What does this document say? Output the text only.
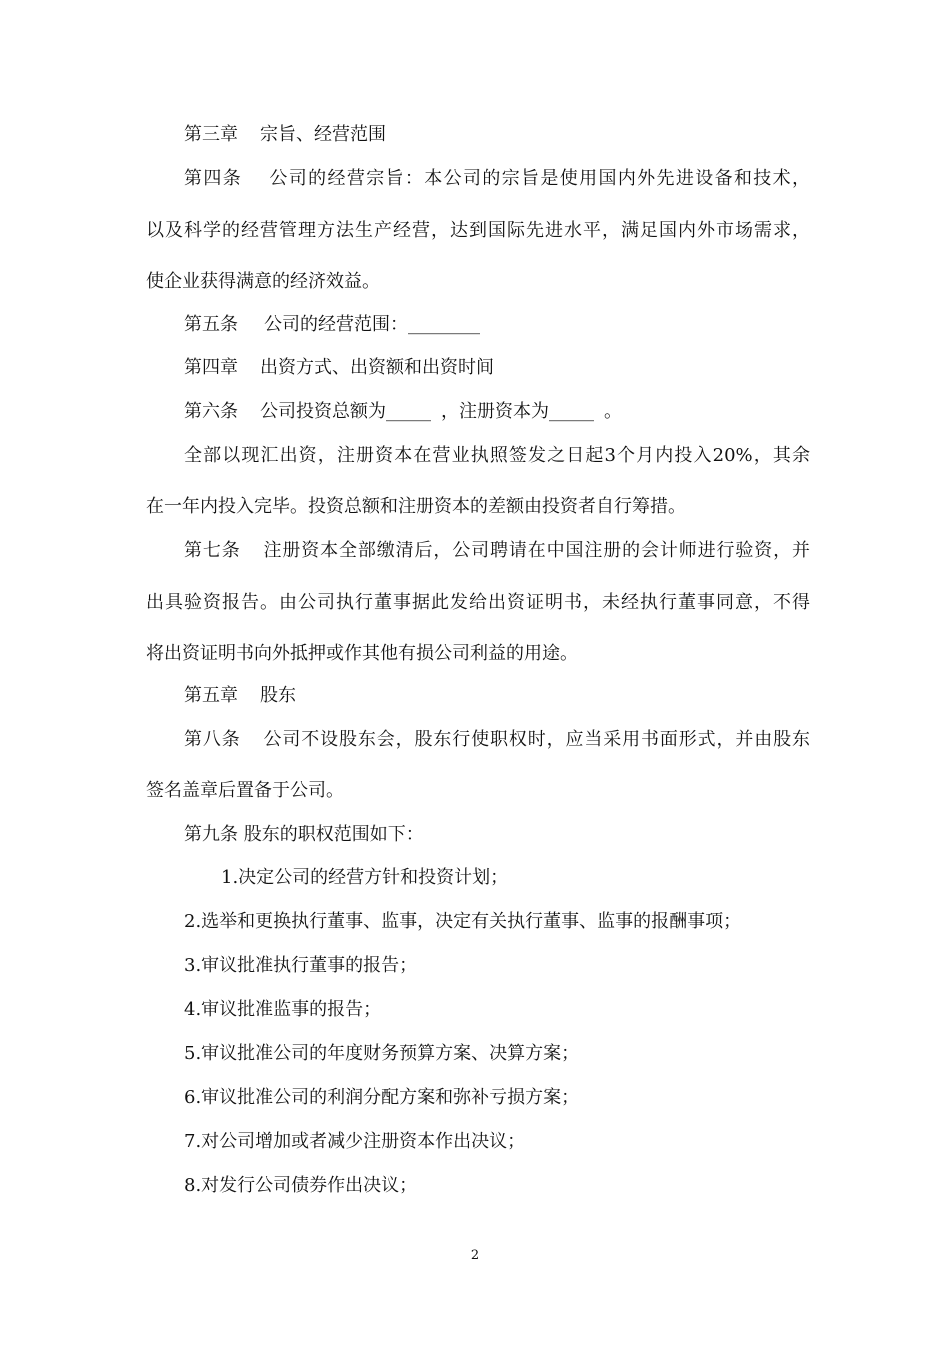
第三章 宗旨、经营范围
第四条 公司的经营宗旨：本公司的宗旨是使用国内外先进设备和技术，
以及科学的经营管理方法生产经营，达到国际先进水平，满足国内外市场需求，
使企业获得满意的经济效益。
第五条 公司的经营范围：________
第四章 出资方式、出资额和出资时间
第六条 公司投资总额为_____ ，注册资本为_____ 。
全部以现汇出资，注册资本在营业执照签发之日起3个月内投入20%，其余
在一年内投入完毕。投资总额和注册资本的差额由投资者自行筹措。
第七条 注册资本全部缴清后，公司聘请在中国注册的会计师进行验资，并
出具验资报告。由公司执行董事据此发给出资证明书，未经执行董事同意，不得
将出资证明书向外抵押或作其他有损公司利益的用途。
第五章 股东
第八条 公司不设股东会，股东行使职权时，应当采用书面形式，并由股东
签名盖章后置备于公司。
第九条 股东的职权范围如下：
1.决定公司的经营方针和投资计划；
2.选举和更换执行董事、监事，决定有关执行董事、监事的报酬事项；
3.审议批准执行董事的报告；
4.审议批准监事的报告；
5.审议批准公司的年度财务预算方案、决算方案；
6.审议批准公司的利润分配方案和弥补亏损方案；
7.对公司增加或者减少注册资本作出决议；
8.对发行公司债券作出决议；
2
